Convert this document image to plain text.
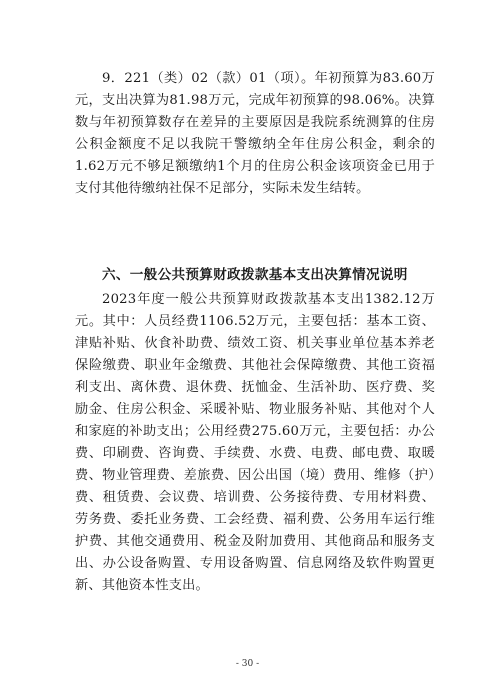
9．221（类）02（款）01（项）。年初预算为83.60万元，支出决算为81.98万元，完成年初预算的98.06%。决算数与年初预算数存在差异的主要原因是我院系统测算的住房公积金额度不足以我院干警缴纳全年住房公积金，剩余的1.62万元不够足额缴纳1个月的住房公积金该项资金已用于支付其他待缴纳社保不足部分，实际未发生结转。

六、一般公共预算财政拨款基本支出决算情况说明

2023年度一般公共预算财政拨款基本支出1382.12万元。其中：人员经费1106.52万元，主要包括：基本工资、津贴补贴、伙食补助费、绩效工资、机关事业单位基本养老保险缴费、职业年金缴费、其他社会保障缴费、其他工资福利支出、离休费、退休费、抚恤金、生活补助、医疗费、奖励金、住房公积金、采暖补贴、物业服务补贴、其他对个人和家庭的补助支出；公用经费275.60万元，主要包括：办公费、印刷费、咨询费、手续费、水费、电费、邮电费、取暖费、物业管理费、差旅费、因公出国（境）费用、维修（护）费、租赁费、会议费、培训费、公务接待费、专用材料费、劳务费、委托业务费、工会经费、福利费、公务用车运行维护费、其他交通费用、税金及附加费用、其他商品和服务支出、办公设备购置、专用设备购置、信息网络及软件购置更新、其他资本性支出。

- 30 -
